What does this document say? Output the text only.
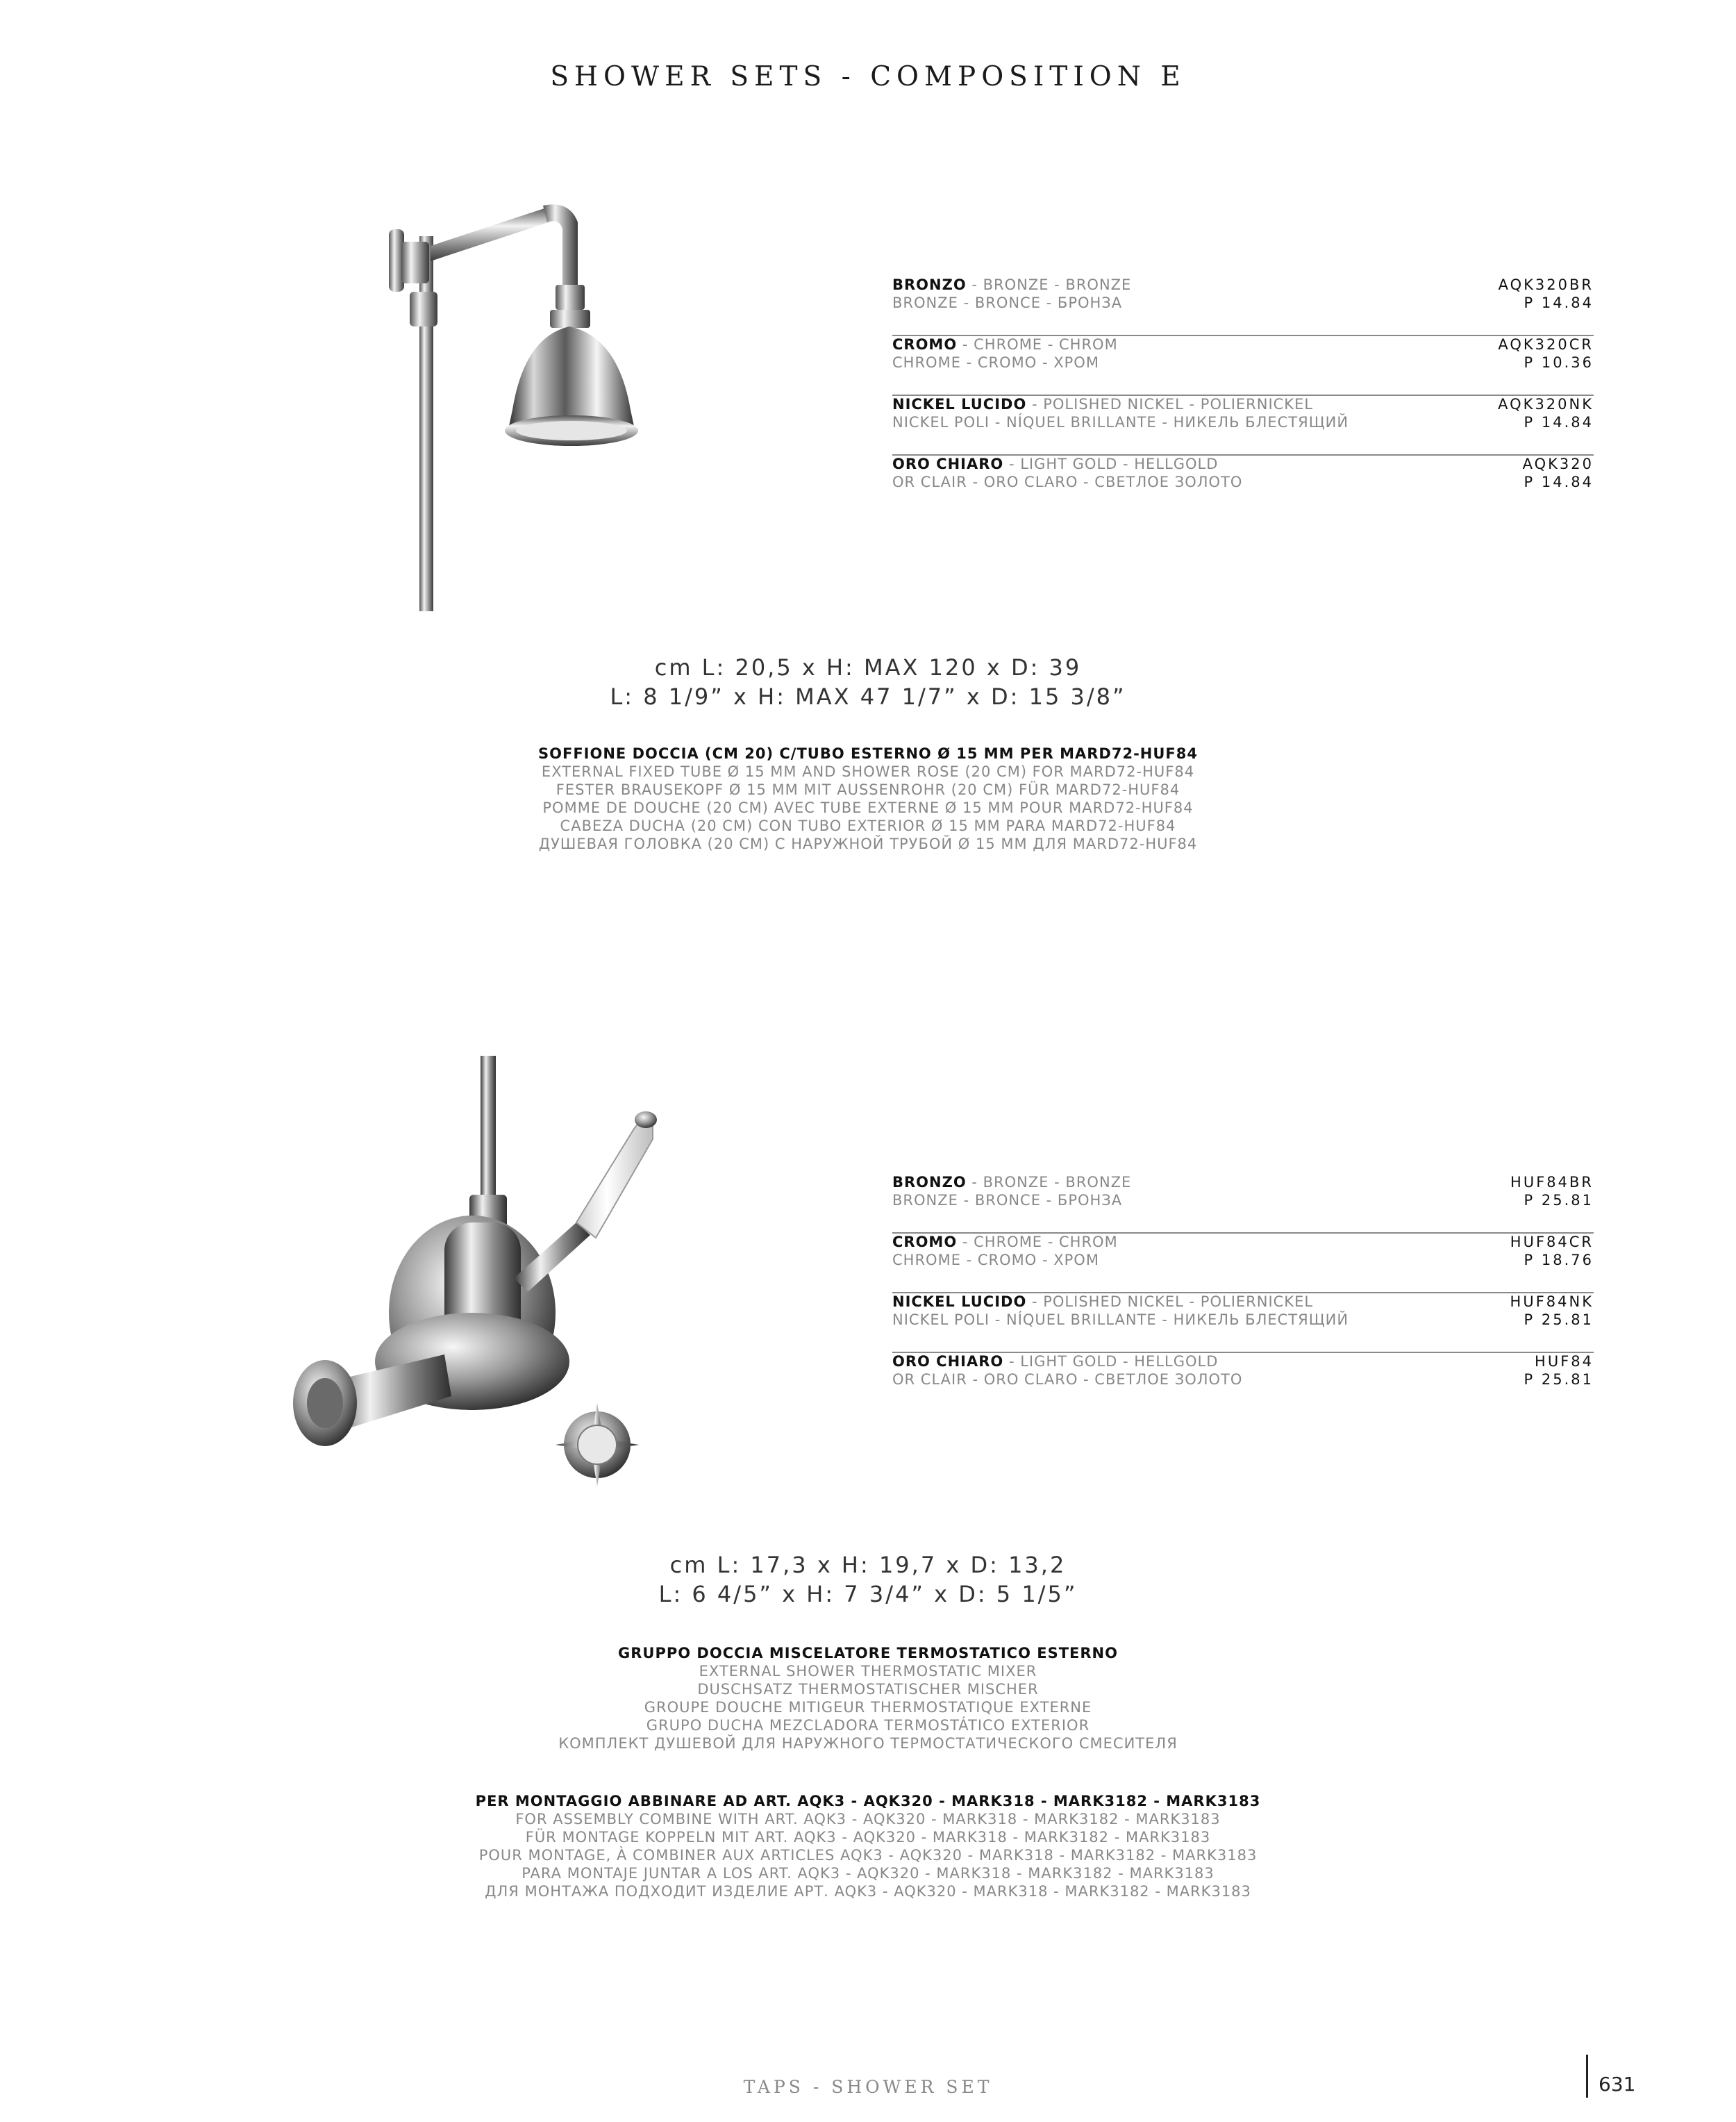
SHOWER SETS - COMPOSITION E
BRONZO - BRONZE - BRONZE
BRONZE - BRONCE - БРОНЗА
AQK320BR
P 14.84
CROMO - CHROME - CHROM
CHROME - CROMO - ХРОМ
AQK320CR
P 10.36
NICKEL LUCIDO - POLISHED NICKEL - POLIERNICKEL
NICKEL POLI - NÍQUEL BRILLANTE - НИКЕЛЬ БЛЕСТЯЩИЙ
AQK320NK
P 14.84
ORO CHIARO - LIGHT GOLD - HELLGOLD
OR CLAIR - ORO CLARO - СВЕТЛОЕ ЗОЛОТО
AQK320
P 14.84
cm L: 20,5 x H: MAX 120 x D: 39
L: 8 1/9” x H: MAX 47 1/7” x D: 15 3/8”
SOFFIONE DOCCIA (CM 20) C/TUBO ESTERNO Ø 15 MM PER MARD72-HUF84
EXTERNAL FIXED TUBE Ø 15 MM AND SHOWER ROSE (20 CM) FOR MARD72-HUF84
FESTER BRAUSEKOPF Ø 15 MM MIT AUSSENROHR (20 CM) FÜR MARD72-HUF84
POMME DE DOUCHE (20 CM) AVEC TUBE EXTERNE Ø 15 MM POUR MARD72-HUF84
CABEZA DUCHA (20 CM) CON TUBO EXTERIOR Ø 15 MM PARA MARD72-HUF84
ДУШЕВАЯ ГОЛОВКА (20 CM) С НАРУЖНОЙ ТРУБОЙ Ø 15 MM ДЛЯ MARD72-HUF84
BRONZO - BRONZE - BRONZE
BRONZE - BRONCE - БРОНЗА
HUF84BR
P 25.81
CROMO - CHROME - CHROM
CHROME - CROMO - ХРОМ
HUF84CR
P 18.76
NICKEL LUCIDO - POLISHED NICKEL - POLIERNICKEL
NICKEL POLI - NÍQUEL BRILLANTE - НИКЕЛЬ БЛЕСТЯЩИЙ
HUF84NK
P 25.81
ORO CHIARO - LIGHT GOLD - HELLGOLD
OR CLAIR - ORO CLARO - СВЕТЛОЕ ЗОЛОТО
HUF84
P 25.81
cm L: 17,3 x H: 19,7 x D: 13,2
L: 6 4/5” x H: 7 3/4” x D: 5 1/5”
GRUPPO DOCCIA MISCELATORE TERMOSTATICO ESTERNO
EXTERNAL SHOWER THERMOSTATIC MIXER
DUSCHSATZ THERMOSTATISCHER MISCHER
GROUPE DOUCHE MITIGEUR THERMOSTATIQUE EXTERNE
GRUPO DUCHA MEZCLADORA TERMOSTÁTICO EXTERIOR
КОМПЛЕКТ ДУШЕВОЙ ДЛЯ НАРУЖНОГО ТЕРМОСТАТИЧЕСКОГО СМЕСИТЕЛЯ
PER MONTAGGIO ABBINARE AD ART. AQK3 - AQK320 - MARK318 - MARK3182 - MARK3183
FOR ASSEMBLY COMBINE WITH ART. AQK3 - AQK320 - MARK318 - MARK3182 - MARK3183
FÜR MONTAGE KOPPELN MIT ART. AQK3 - AQK320 - MARK318 - MARK3182 - MARK3183
POUR MONTAGE, À COMBINER AUX ARTICLES AQK3 - AQK320 - MARK318 - MARK3182 - MARK3183
PARA MONTAJE JUNTAR A LOS ART. AQK3 - AQK320 - MARK318 - MARK3182 - MARK3183
ДЛЯ МОНТАЖА ПОДХОДИТ ИЗДЕЛИЕ АРТ. AQK3 - AQK320 - MARK318 - MARK3182 - MARK3183
TAPS - SHOWER SET	631
